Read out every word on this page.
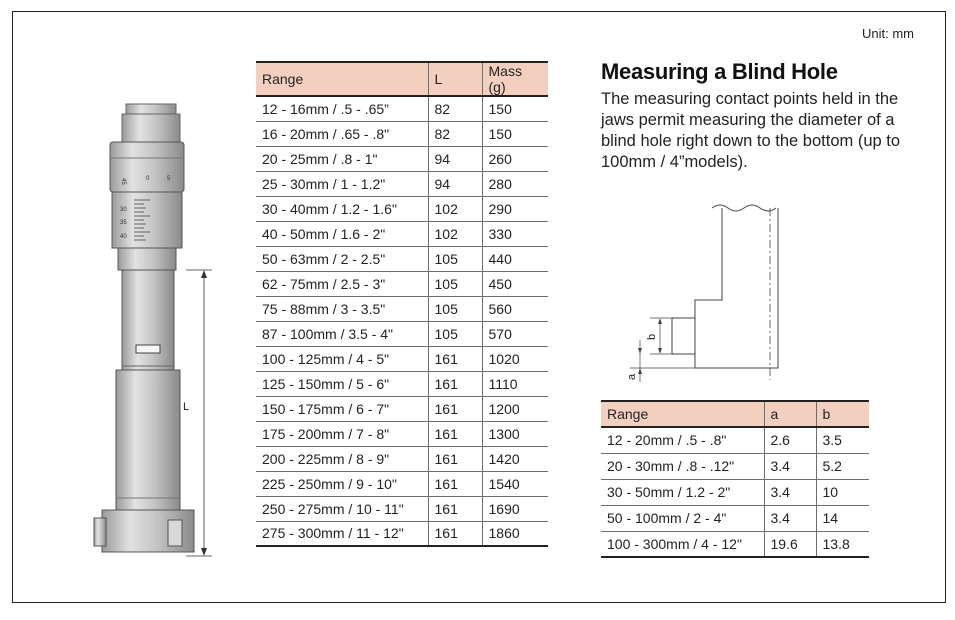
Unit: mm
45	0	5
30
35
40
L
Range	L	Mass (g)
12 - 16mm / .5 - .65”	82	150
16 - 20mm / .65 - .8"	82	150
20 - 25mm / .8 - 1"	94	260
25 - 30mm / 1 - 1.2"	94	280
30 - 40mm / 1.2 - 1.6"	102	290
40 - 50mm / 1.6 - 2"	102	330
50 - 63mm / 2 - 2.5"	105	440
62 - 75mm / 2.5 - 3"	105	450
75 - 88mm / 3 - 3.5"	105	560
87 - 100mm / 3.5 - 4"	105	570
100 - 125mm / 4 - 5"	161	1020
125 - 150mm / 5 - 6"	161	1110
150 - 175mm / 6 - 7"	161	1200
175 - 200mm / 7 - 8"	161	1300
200 - 225mm / 8 - 9"	161	1420
225 - 250mm / 9 - 10"	161	1540
250 - 275mm / 10 - 11"	161	1690
275 - 300mm / 11 - 12"	161	1860
Measuring a Blind Hole
The measuring contact points held in the jaws permit measuring the diameter of a blind hole right down to the bottom (up to 100mm / 4”models).
b
a
Range	a	b
12 - 20mm / .5 - .8"	2.6	3.5
20 - 30mm / .8 - .12"	3.4	5.2
30 - 50mm / 1.2 - 2"	3.4	10
50 - 100mm / 2 - 4"	3.4	14
100 - 300mm / 4 - 12"	19.6	13.8
